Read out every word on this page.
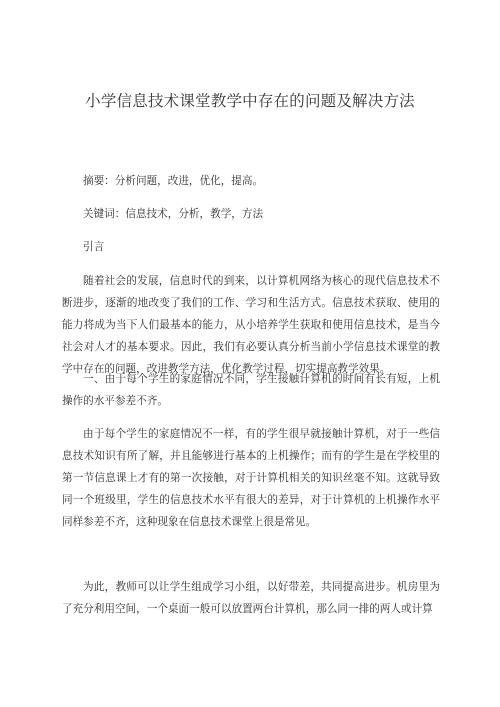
小学信息技术课堂教学中存在的问题及解决方法

摘要：分析问题，改进，优化，提高。

关键词：信息技术，分析，教学，方法

引言

随着社会的发展，信息时代的到来，以计算机网络为核心的现代信息技术不断进步，逐渐的地改变了我们的工作、学习和生活方式。信息技术获取、使用的能力将成为当下人们最基本的能力，从小培养学生获取和使用信息技术，是当今社会对人才的基本要求。因此，我们有必要认真分析当前小学信息技术课堂的教学中存在的问题，改进教学方法，优化教学过程，切实提高教学效果。

一、由于每个学生的家庭情况不同，学生接触计算机的时间有长有短，上机操作的水平参差不齐。

由于每个学生的家庭情况不一样，有的学生很早就接触计算机，对于一些信息技术知识有所了解，并且能够进行基本的上机操作；而有的学生是在学校里的第一节信息课上才有的第一次接触，对于计算机相关的知识丝毫不知。这就导致同一个班级里，学生的信息技术水平有很大的差异，对于计算机的上机操作水平同样参差不齐，这种现象在信息技术课堂上很是常见。

为此，教师可以让学生组成学习小组，以好带差，共同提高进步。机房里为了充分利用空间，一个桌面一般可以放置两台计算机，那么同一排的两人或计算
